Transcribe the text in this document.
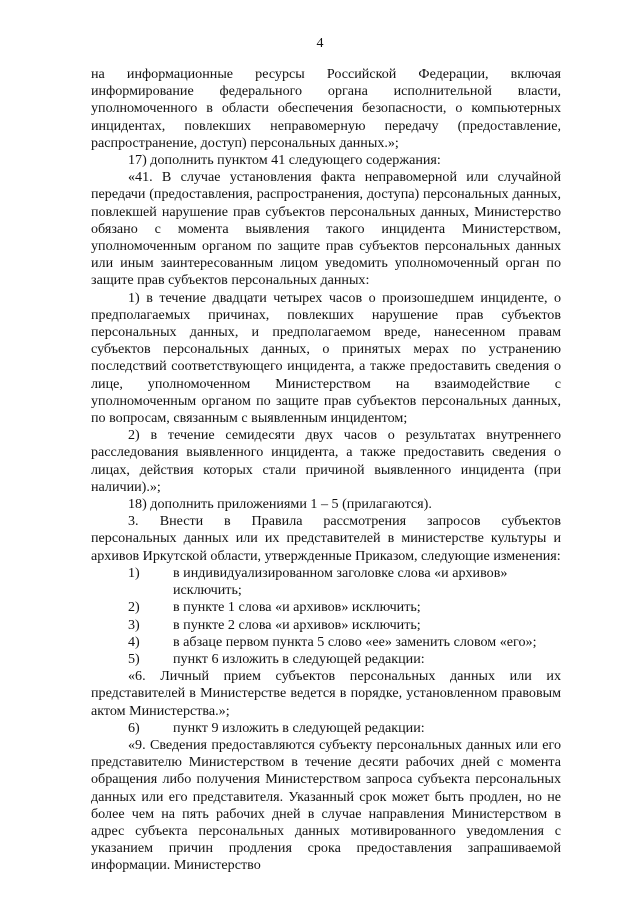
4

на информационные ресурсы Российской Федерации, включая информирование федерального органа исполнительной власти, уполномоченного в области обеспечения безопасности, о компьютерных инцидентах, повлекших неправомерную передачу (предоставление, распространение, доступ) персональных данных.»;

17) дополнить пунктом 41 следующего содержания:

«41. В случае установления факта неправомерной или случайной передачи (предоставления, распространения, доступа) персональных данных, повлекшей нарушение прав субъектов персональных данных, Министерство обязано с момента выявления такого инцидента Министерством, уполномоченным органом по защите прав субъектов персональных данных или иным заинтересованным лицом уведомить уполномоченный орган по защите прав субъектов персональных данных:

1) в течение двадцати четырех часов о произошедшем инциденте, о предполагаемых причинах, повлекших нарушение прав субъектов персональных данных, и предполагаемом вреде, нанесенном правам субъектов персональных данных, о принятых мерах по устранению последствий соответствующего инцидента, а также предоставить сведения о лице, уполномоченном Министерством на взаимодействие с уполномоченным органом по защите прав субъектов персональных данных, по вопросам, связанным с выявленным инцидентом;

2) в течение семидесяти двух часов о результатах внутреннего расследования выявленного инцидента, а также предоставить сведения о лицах, действия которых стали причиной выявленного инцидента (при наличии).»;

18) дополнить приложениями 1 – 5 (прилагаются).

3.   Внести в Правила рассмотрения запросов субъектов персональных данных или их представителей в министерстве культуры и архивов Иркутской области, утвержденные Приказом, следующие изменения:

1)	в индивидуализированном заголовке слова «и архивов» исключить;
2)	в пункте 1 слова «и архивов» исключить;
3)	в пункте 2 слова «и архивов» исключить;
4)	в абзаце первом пункта 5 слово «ее» заменить словом «его»;
5)	пункт 6 изложить в следующей редакции:

«6. Личный прием субъектов персональных данных или их представителей в Министерстве ведется в порядке, установленном правовым актом Министерства.»;

6)	пункт 9 изложить в следующей редакции:

«9. Сведения предоставляются субъекту персональных данных или его представителю Министерством в течение десяти рабочих дней с момента обращения либо получения Министерством запроса субъекта персональных данных или его представителя. Указанный срок может быть продлен, но не более чем на пять рабочих дней в случае направления Министерством в адрес субъекта персональных данных мотивированного уведомления с указанием причин продления срока предоставления запрашиваемой информации. Министерство
